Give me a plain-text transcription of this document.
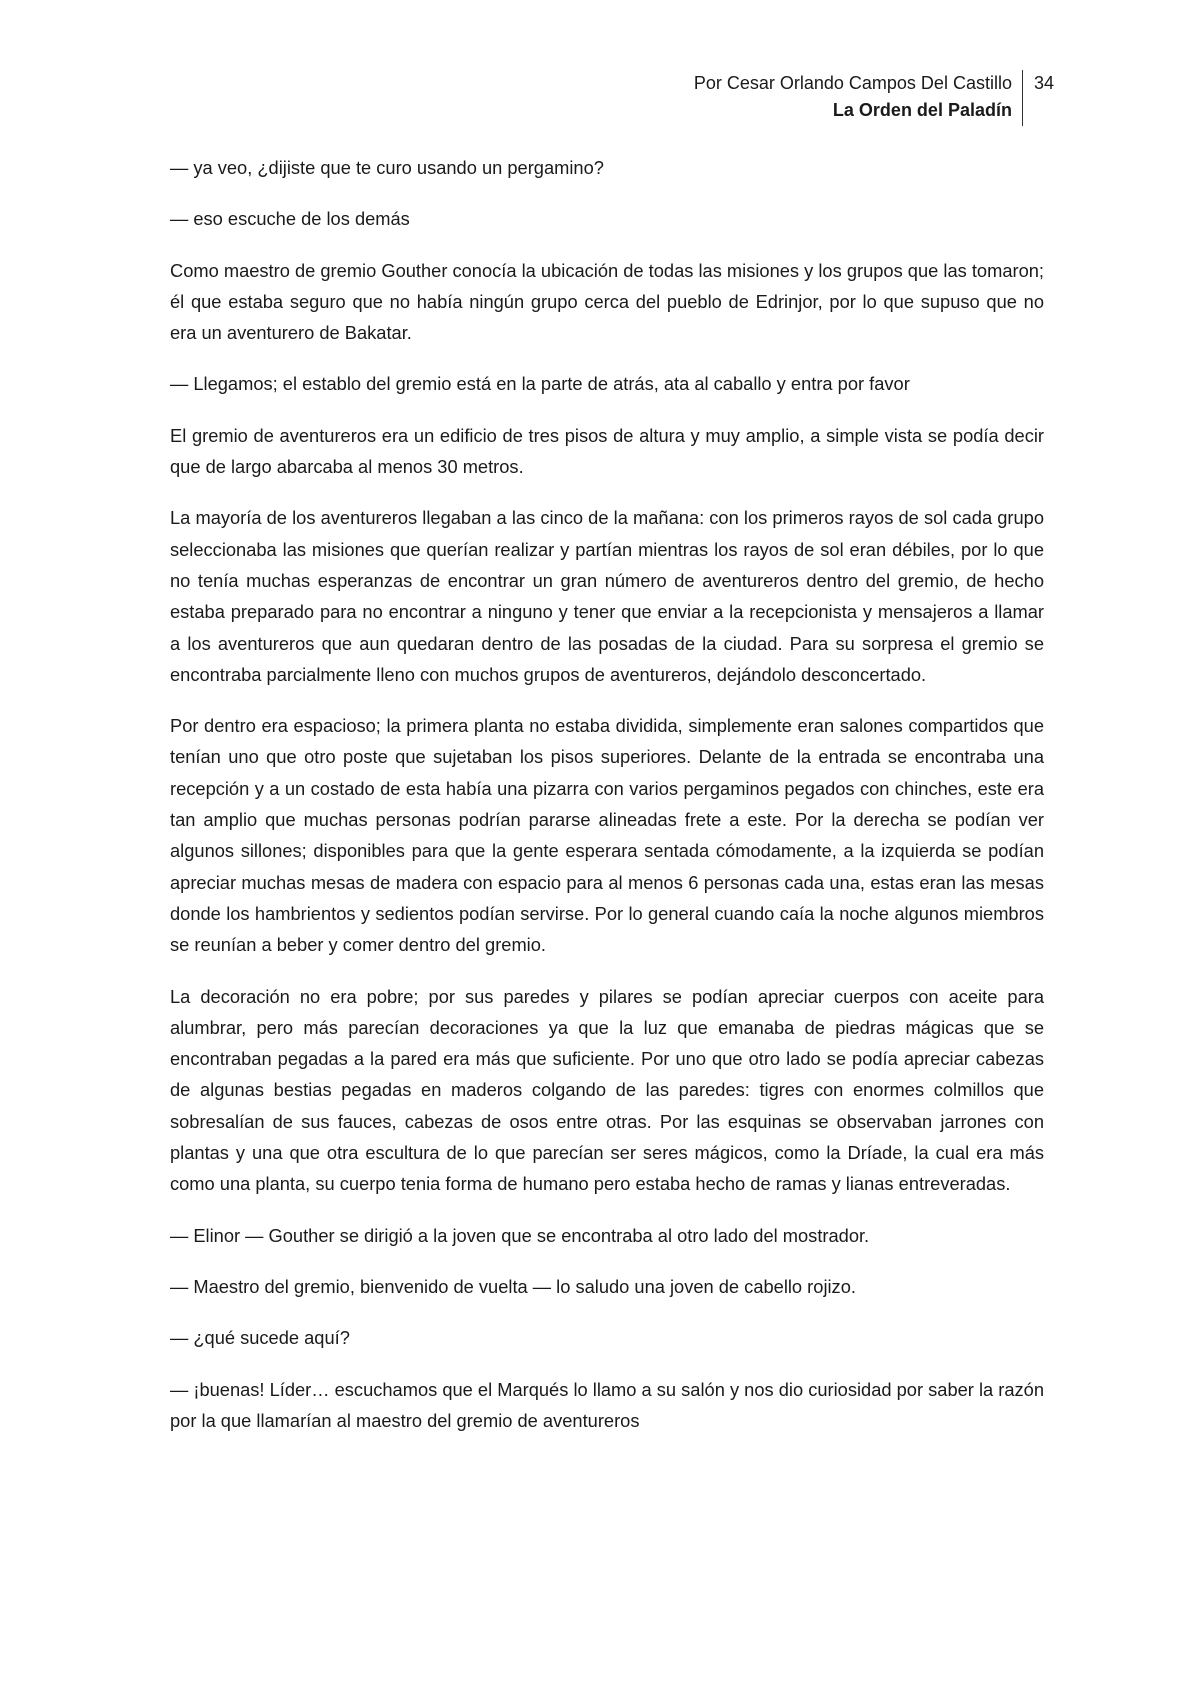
Por Cesar Orlando Campos Del Castillo
La Orden del Paladín
34

— ya veo, ¿dijiste que te curo usando un pergamino?

— eso escuche de los demás

Como maestro de gremio Gouther conocía la ubicación de todas las misiones y los grupos que las tomaron; él que estaba seguro que no había ningún grupo cerca del pueblo de Edrinjor, por lo que supuso que no era un aventurero de Bakatar.

— Llegamos; el establo del gremio está en la parte de atrás, ata al caballo y entra por favor

El gremio de aventureros era un edificio de tres pisos de altura y muy amplio, a simple vista se podía decir que de largo abarcaba al menos 30 metros.

La mayoría de los aventureros llegaban a las cinco de la mañana: con los primeros rayos de sol cada grupo seleccionaba las misiones que querían realizar y partían mientras los rayos de sol eran débiles, por lo que no tenía muchas esperanzas de encontrar un gran número de aventureros dentro del gremio, de hecho estaba preparado para no encontrar a ninguno y tener que enviar a la recepcionista y mensajeros a llamar a los aventureros que aun quedaran dentro de las posadas de la ciudad. Para su sorpresa el gremio se encontraba parcialmente lleno con muchos grupos de aventureros, dejándolo desconcertado.

Por dentro era espacioso; la primera planta no estaba dividida, simplemente eran salones compartidos que tenían uno que otro poste que sujetaban los pisos superiores. Delante de la entrada se encontraba una recepción y a un costado de esta había una pizarra con varios pergaminos pegados con chinches, este era tan amplio que muchas personas podrían pararse alineadas frete a este. Por la derecha se podían ver algunos sillones; disponibles para que la gente esperara sentada cómodamente, a la izquierda se podían apreciar muchas mesas de madera con espacio para al menos 6 personas cada una, estas eran las mesas donde los hambrientos y sedientos podían servirse. Por lo general cuando caía la noche algunos miembros se reunían a beber y comer dentro del gremio.

La decoración no era pobre; por sus paredes y pilares se podían apreciar cuerpos con aceite para alumbrar, pero más parecían decoraciones ya que la luz que emanaba de piedras mágicas que se encontraban pegadas a la pared era más que suficiente. Por uno que otro lado se podía apreciar cabezas de algunas bestias pegadas en maderos colgando de las paredes: tigres con enormes colmillos que sobresalían de sus fauces, cabezas de osos entre otras. Por las esquinas se observaban jarrones con plantas y una que otra escultura de lo que parecían ser seres mágicos, como la Dríade, la cual era más como una planta, su cuerpo tenia forma de humano pero estaba hecho de ramas y lianas entreveradas.

— Elinor — Gouther se dirigió a la joven que se encontraba al otro lado del mostrador.

— Maestro del gremio, bienvenido de vuelta — lo saludo una joven de cabello rojizo.

— ¿qué sucede aquí?

— ¡buenas! Líder… escuchamos que el Marqués lo llamo a su salón y nos dio curiosidad por saber la razón por la que llamarían al maestro del gremio de aventureros
